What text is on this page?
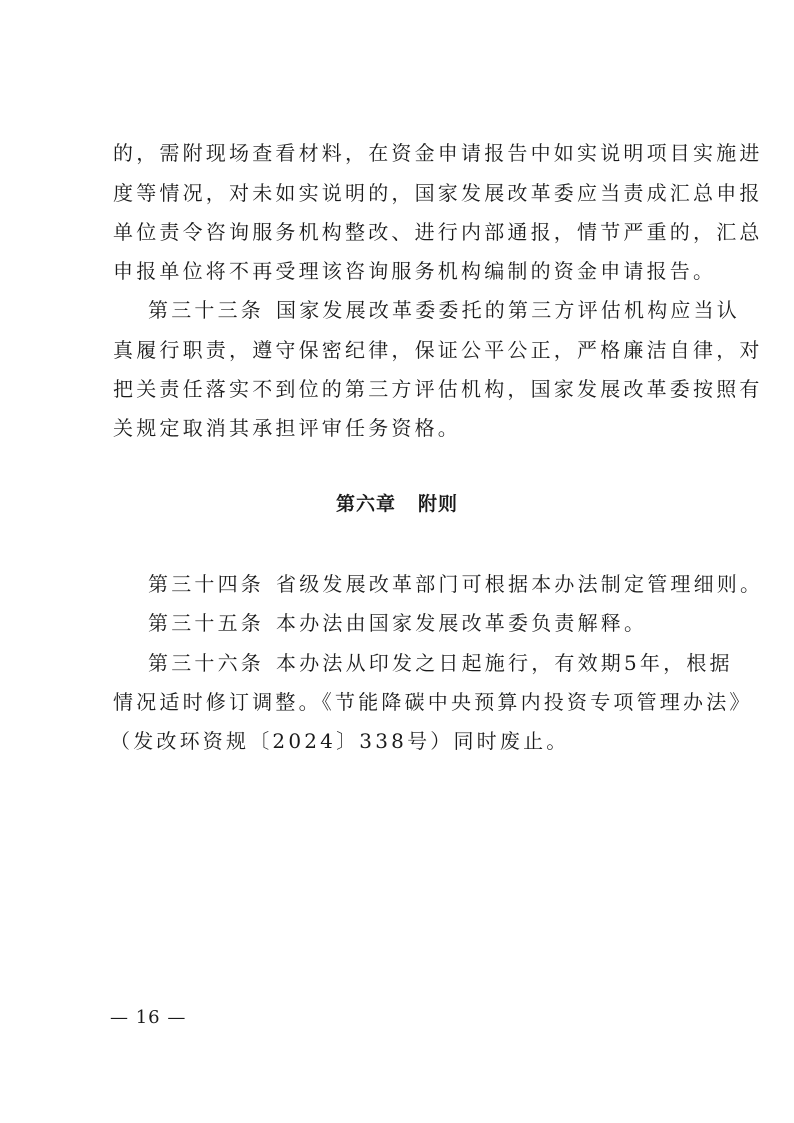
的，需附现场查看材料，在资金申请报告中如实说明项目实施进
度等情况，对未如实说明的，国家发展改革委应当责成汇总申报
单位责令咨询服务机构整改、进行内部通报，情节严重的，汇总
申报单位将不再受理该咨询服务机构编制的资金申请报告。
第三十三条 国家发展改革委委托的第三方评估机构应当认
真履行职责，遵守保密纪律，保证公平公正，严格廉洁自律，对
把关责任落实不到位的第三方评估机构，国家发展改革委按照有
关规定取消其承担评审任务资格。
第六章 附则
第三十四条 省级发展改革部门可根据本办法制定管理细则。
第三十五条 本办法由国家发展改革委负责解释。
第三十六条 本办法从印发之日起施行，有效期5年，根据
情况适时修订调整。《节能降碳中央预算内投资专项管理办法》
（发改环资规〔2024〕338号）同时废止。
— 16 —
